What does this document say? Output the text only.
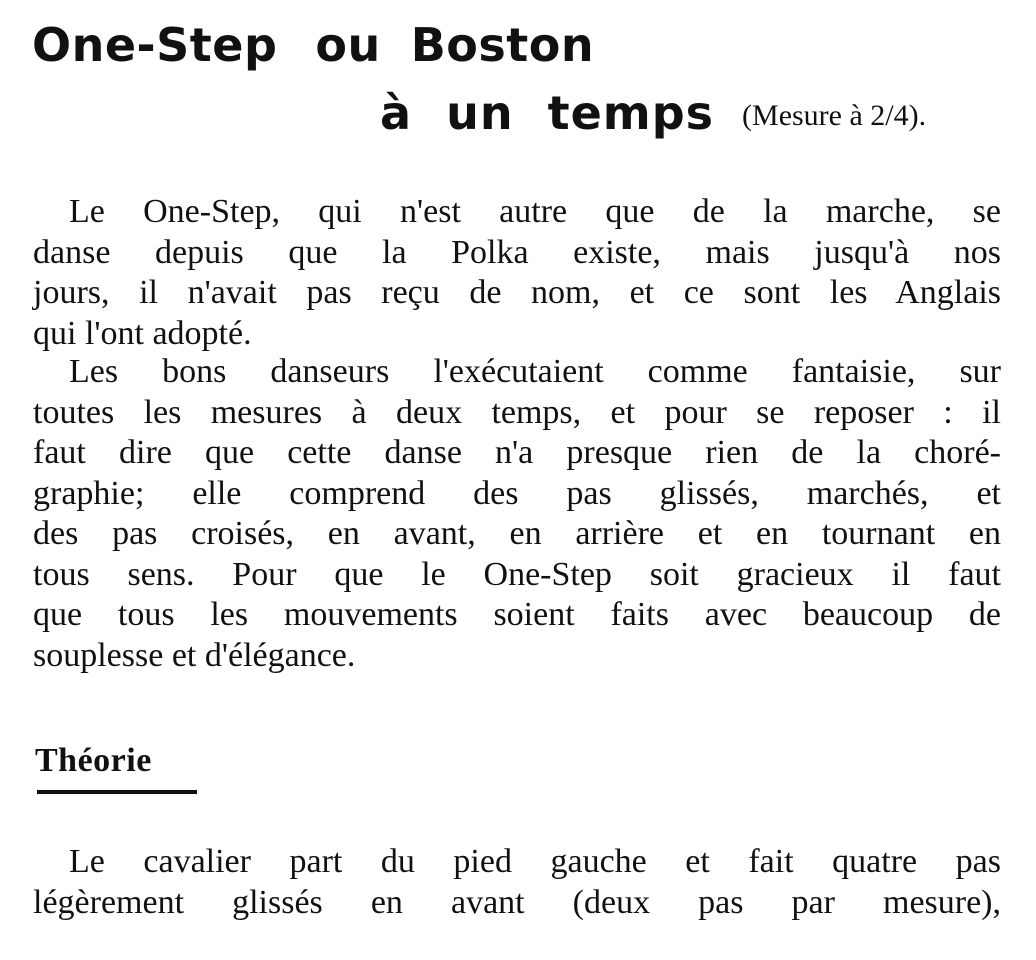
One-Step ou Boston
à  un  temps (Mesure à 2/4).
Le One-Step, qui n'est autre que de la marche, se
danse depuis que la Polka existe, mais jusqu'à nos
jours, il n'avait pas reçu de nom, et ce sont les Anglais
qui l'ont adopté.
Les bons danseurs l'exécutaient comme fantaisie, sur
toutes les mesures à deux temps, et pour se reposer : il
faut dire que cette danse n'a presque rien de la choré-
graphie; elle comprend des pas glissés, marchés, et
des pas croisés, en avant, en arrière et en tournant en
tous sens. Pour que le One-Step soit gracieux il faut
que tous les mouvements soient faits avec beaucoup de
souplesse et d'élégance.
Théorie
Le cavalier part du pied gauche et fait quatre pas
légèrement glissés en avant (deux pas par mesure),
